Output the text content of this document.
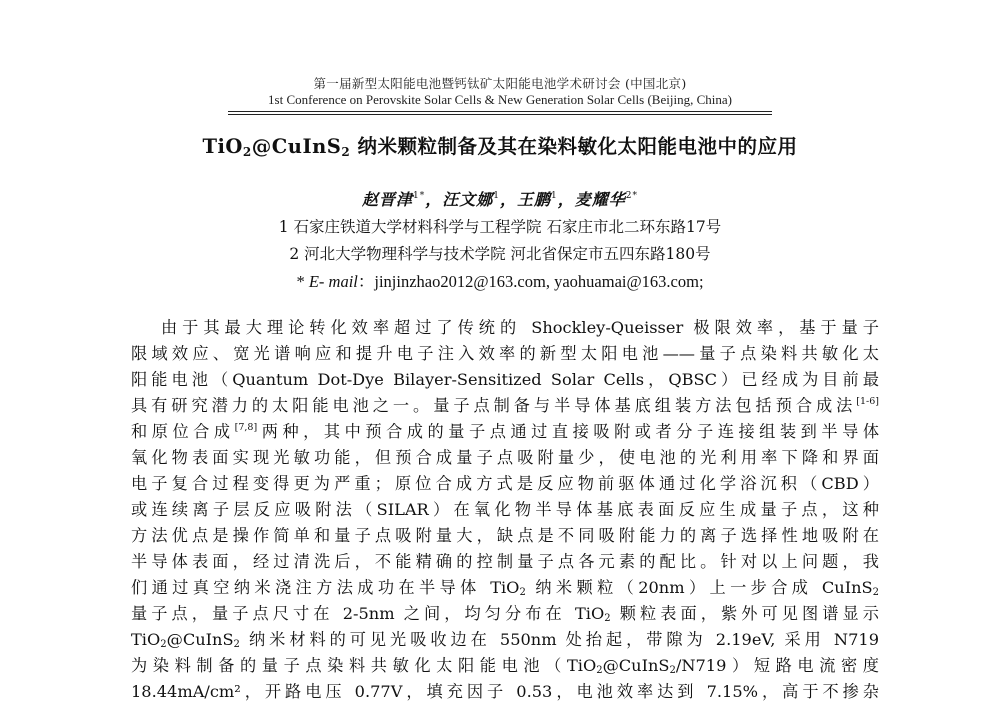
第一届新型太阳能电池暨钙钛矿太阳能电池学术研讨会 (中国北京)
1st Conference on Perovskite Solar Cells & New Generation Solar Cells (Beijing, China)
TiO$_2$@CuInS$_2$ 纳米颗粒制备及其在染料敏化太阳能电池中的应用
赵晋津$^{1*}$，汪文娜$^1$，王鹏$^1$，麦耀华$^{2*}$
1 石家庄铁道大学材料科学与工程学院 石家庄市北二环东路17号
2 河北大学物理科学与技术学院 河北省保定市五四东路180号
* E- mail：jinjinzhao2012@163.com, yaohuamai@163.com;
由于其最大理论转化效率超过了传统的 Shockley-Queisser 极限效率，基于量子
限域效应、宽光谱响应和提升电子注入效率的新型太阳电池——量子点染料共敏化太
阳能电池（Quantum Dot-Dye Bilayer-Sensitized Solar Cells，QBSC）已经成为目前最
具有研究潜力的太阳能电池之一。量子点制备与半导体基底组装方法包括预合成法[1-6]
和原位合成[7,8]两种，其中预合成的量子点通过直接吸附或者分子连接组装到半导体
氧化物表面实现光敏功能，但预合成量子点吸附量少，使电池的光利用率下降和界面
电子复合过程变得更为严重；原位合成方式是反应物前驱体通过化学浴沉积（CBD）
或连续离子层反应吸附法（SILAR）在氧化物半导体基底表面反应生成量子点，这种
方法优点是操作简单和量子点吸附量大，缺点是不同吸附能力的离子选择性地吸附在
半导体表面，经过清洗后，不能精确的控制量子点各元素的配比。针对以上问题，我
们通过真空纳米浇注方法成功在半导体 TiO$_2$ 纳米颗粒（20nm）上一步合成 CuInS$_2$
量子点，量子点尺寸在 2-5nm 之间，均匀分布在 TiO$_2$ 颗粒表面，紫外可见图谱显示
TiO$_2$@CuInS$_2$ 纳米材料的可见光吸收边在 550nm 处抬起，带隙为 2.19eV, 采用 N719
为染料制备的量子点染料共敏化太阳能电池（TiO$_2$@CuInS$_2$/N719）短路电流密度
18.44mA/cm²，开路电压 0.77V，填充因子 0.53，电池效率达到 7.15%，高于不掺杂
